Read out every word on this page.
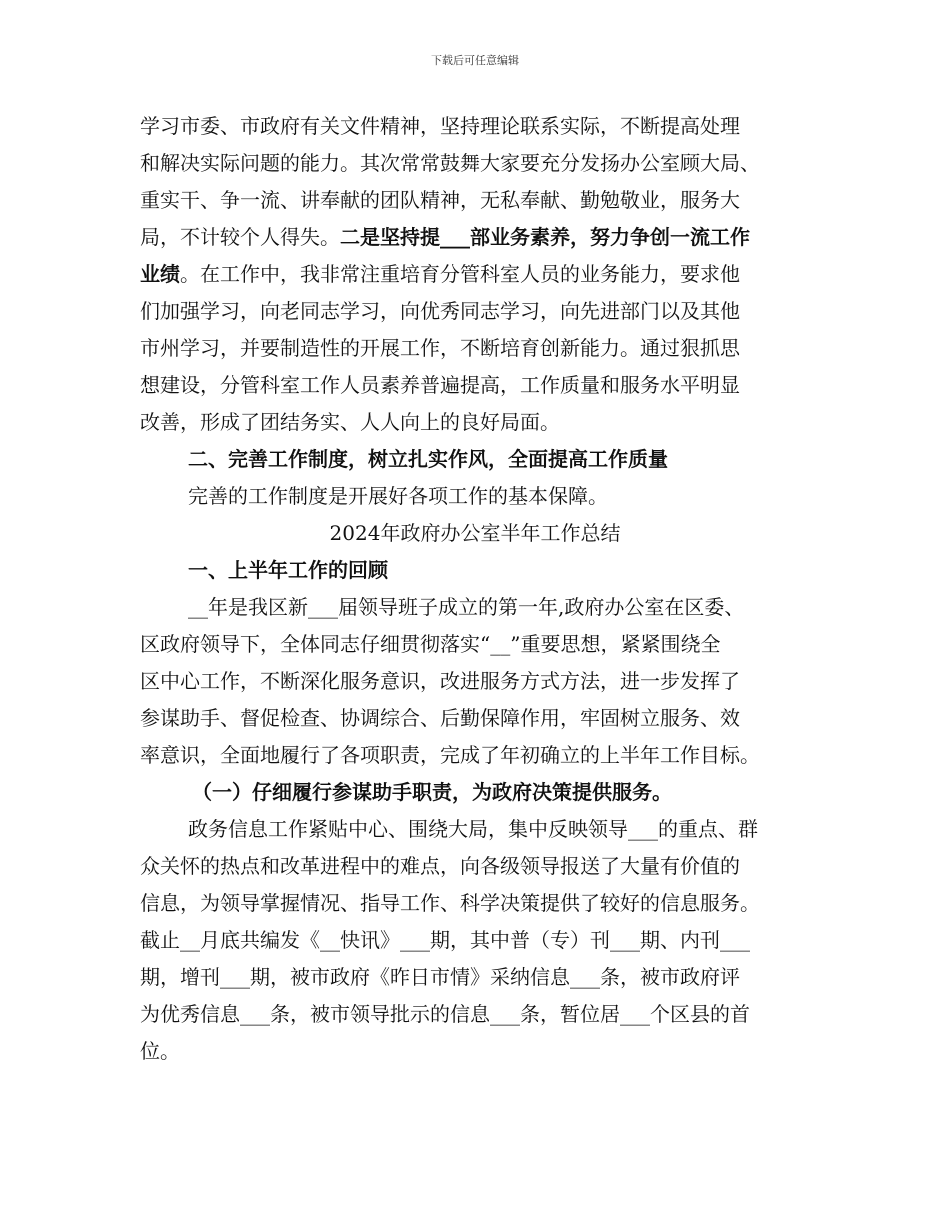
下载后可任意编辑
学习市委、市政府有关文件精神，坚持理论联系实际，不断提高处理
和解决实际问题的能力。其次常常鼓舞大家要充分发扬办公室顾大局、
重实干、争一流、讲奉献的团队精神，无私奉献、勤勉敬业，服务大
局，不计较个人得失。二是坚持提___部业务素养，努力争创一流工作
业绩。在工作中，我非常注重培育分管科室人员的业务能力，要求他
们加强学习，向老同志学习，向优秀同志学习，向先进部门以及其他
市州学习，并要制造性的开展工作，不断培育创新能力。通过狠抓思
想建设，分管科室工作人员素养普遍提高，工作质量和服务水平明显
改善，形成了团结务实、人人向上的良好局面。
二、完善工作制度，树立扎实作风，全面提高工作质量
完善的工作制度是开展好各项工作的基本保障。
2024年政府办公室半年工作总结
一、上半年工作的回顾
__年是我区新___届领导班子成立的第一年,政府办公室在区委、
区政府领导下，全体同志仔细贯彻落实“__”重要思想，紧紧围绕全
区中心工作，不断深化服务意识，改进服务方式方法，进一步发挥了
参谋助手、督促检查、协调综合、后勤保障作用，牢固树立服务、效
率意识，全面地履行了各项职责，完成了年初确立的上半年工作目标。
（一）仔细履行参谋助手职责，为政府决策提供服务。
政务信息工作紧贴中心、围绕大局，集中反映领导___的重点、群
众关怀的热点和改革进程中的难点，向各级领导报送了大量有价值的
信息，为领导掌握情况、指导工作、科学决策提供了较好的信息服务。
截止__月底共编发《__快讯》___期，其中普（专）刊___期、内刊___
期，增刊___期，被市政府《昨日市情》采纳信息___条，被市政府评
为优秀信息___条，被市领导批示的信息___条，暂位居___个区县的首
位。
